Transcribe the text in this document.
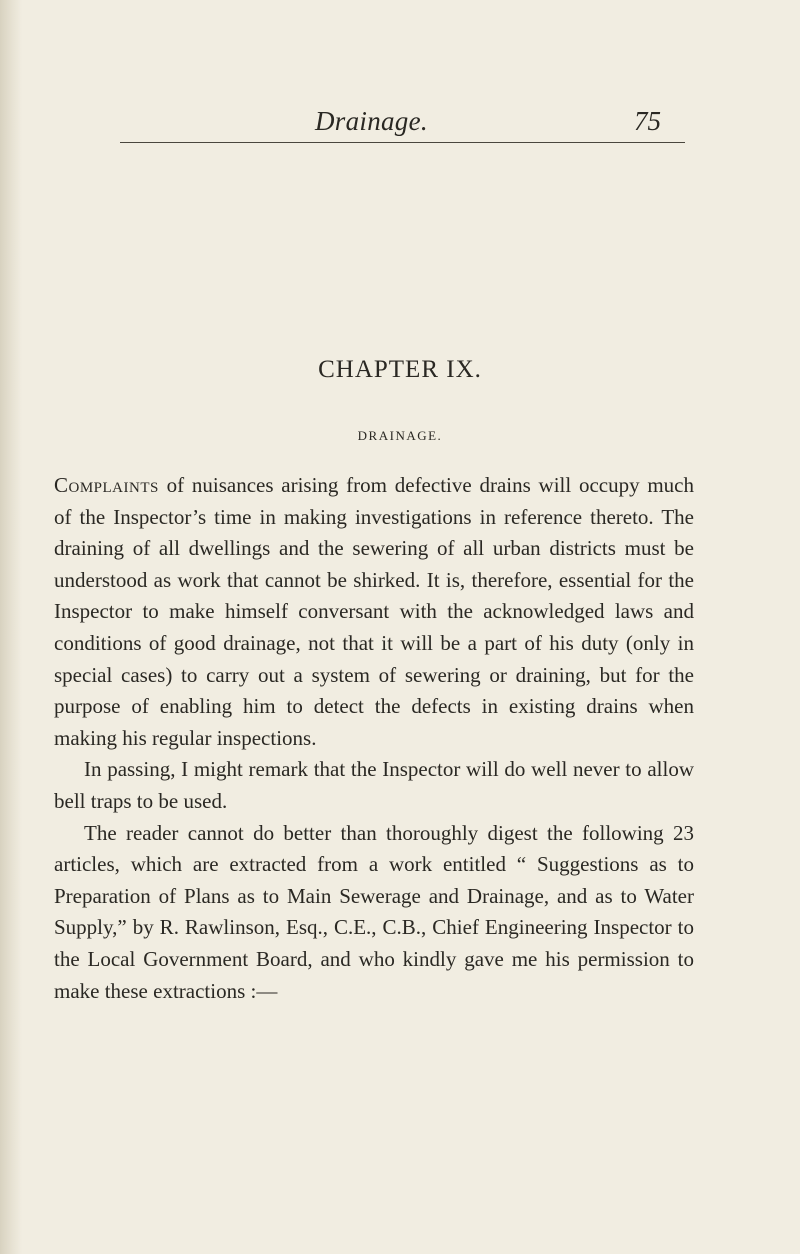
Drainage.	75
CHAPTER IX.
DRAINAGE.

Complaints of nuisances arising from defective drains will occupy much of the Inspector’s time in making investigations in reference thereto. The draining of all dwellings and the sewering of all urban districts must be understood as work that cannot be shirked. It is, therefore, essential for the Inspector to make himself conversant with the acknowledged laws and conditions of good drainage, not that it will be a part of his duty (only in special cases) to carry out a system of sewering or draining, but for the purpose of enabling him to detect the defects in existing drains when making his regular inspections.

In passing, I might remark that the Inspector will do well never to allow bell traps to be used.

The reader cannot do better than thoroughly digest the following 23 articles, which are extracted from a work entitled “ Suggestions as to Preparation of Plans as to Main Sewerage and Drainage, and as to Water Supply,” by R. Rawlinson, Esq., C.E., C.B., Chief Engineering Inspector to the Local Government Board, and who kindly gave me his permission to make these extractions :—
